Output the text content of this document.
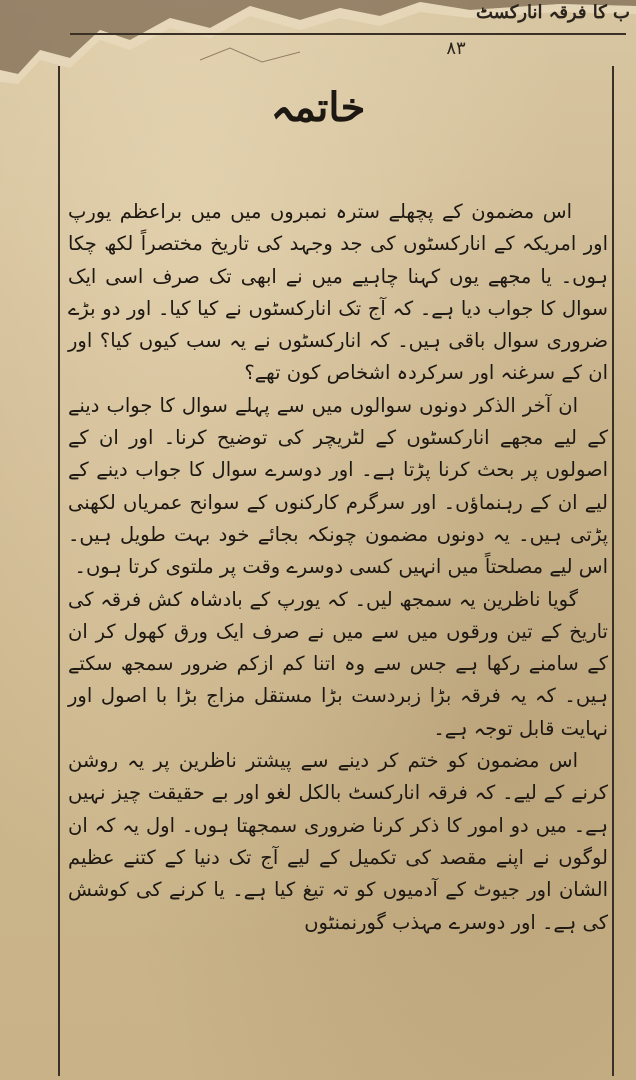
ب کا فرقہ انارکسٹ
۸۳
خاتمہ

اس مضمون کے پچھلے سترہ نمبروں میں میں براعظم یورپ اور امریکہ کے انارکسٹوں کی جد وجہد کی تاریخ مختصراً لکھ چکا ہوں۔ یا مجھے یوں کہنا چاہیے میں نے ابھی تک صرف اسی ایک سوال کا جواب دیا ہے۔ کہ آج تک انارکسٹوں نے کیا کیا۔ اور دو بڑے ضروری سوال باقی ہیں۔ کہ انارکسٹوں نے یہ سب کیوں کیا؟ اور ان کے سرغنہ اور سرکردہ اشخاص کون تھے؟

ان آخر الذکر دونوں سوالوں میں سے پہلے سوال کا جواب دینے کے لیے مجھے انارکسٹوں کے لٹریچر کی توضیح کرنا۔ اور ان کے اصولوں پر بحث کرنا پڑتا ہے۔ اور دوسرے سوال کا جواب دینے کے لیے ان کے رہنماؤں۔ اور سرگرم کارکنوں کے سوانح عمریاں لکھنی پڑتی ہیں۔ یہ دونوں مضمون چونکہ بجائے خود بہت طویل ہیں۔ اس لیے مصلحتاً میں انہیں کسی دوسرے وقت پر ملتوی کرتا ہوں۔

گویا ناظرین یہ سمجھ لیں۔ کہ یورپ کے بادشاہ کش فرقہ کی تاریخ کے تین ورقوں میں سے میں نے صرف ایک ورق کھول کر ان کے سامنے رکھا ہے جس سے وہ اتنا کم ازکم ضرور سمجھ سکتے ہیں۔ کہ یہ فرقہ بڑا زبردست بڑا مستقل مزاج بڑا با اصول اور نہایت قابل توجہ ہے۔

اس مضمون کو ختم کر دینے سے پیشتر ناظرین پر یہ روشن کرنے کے لیے۔ کہ فرقہ انارکسٹ بالکل لغو اور بے حقیقت چیز نہیں ہے۔ میں دو امور کا ذکر کرنا ضروری سمجھتا ہوں۔ اول یہ کہ ان لوگوں نے اپنے مقصد کی تکمیل کے لیے آج تک دنیا کے کتنے عظیم الشان اور جیوٹ کے آدمیوں کو تہ تیغ کیا ہے۔ یا کرنے کی کوشش کی ہے۔ اور دوسرے مہذب گورنمنٹوں
